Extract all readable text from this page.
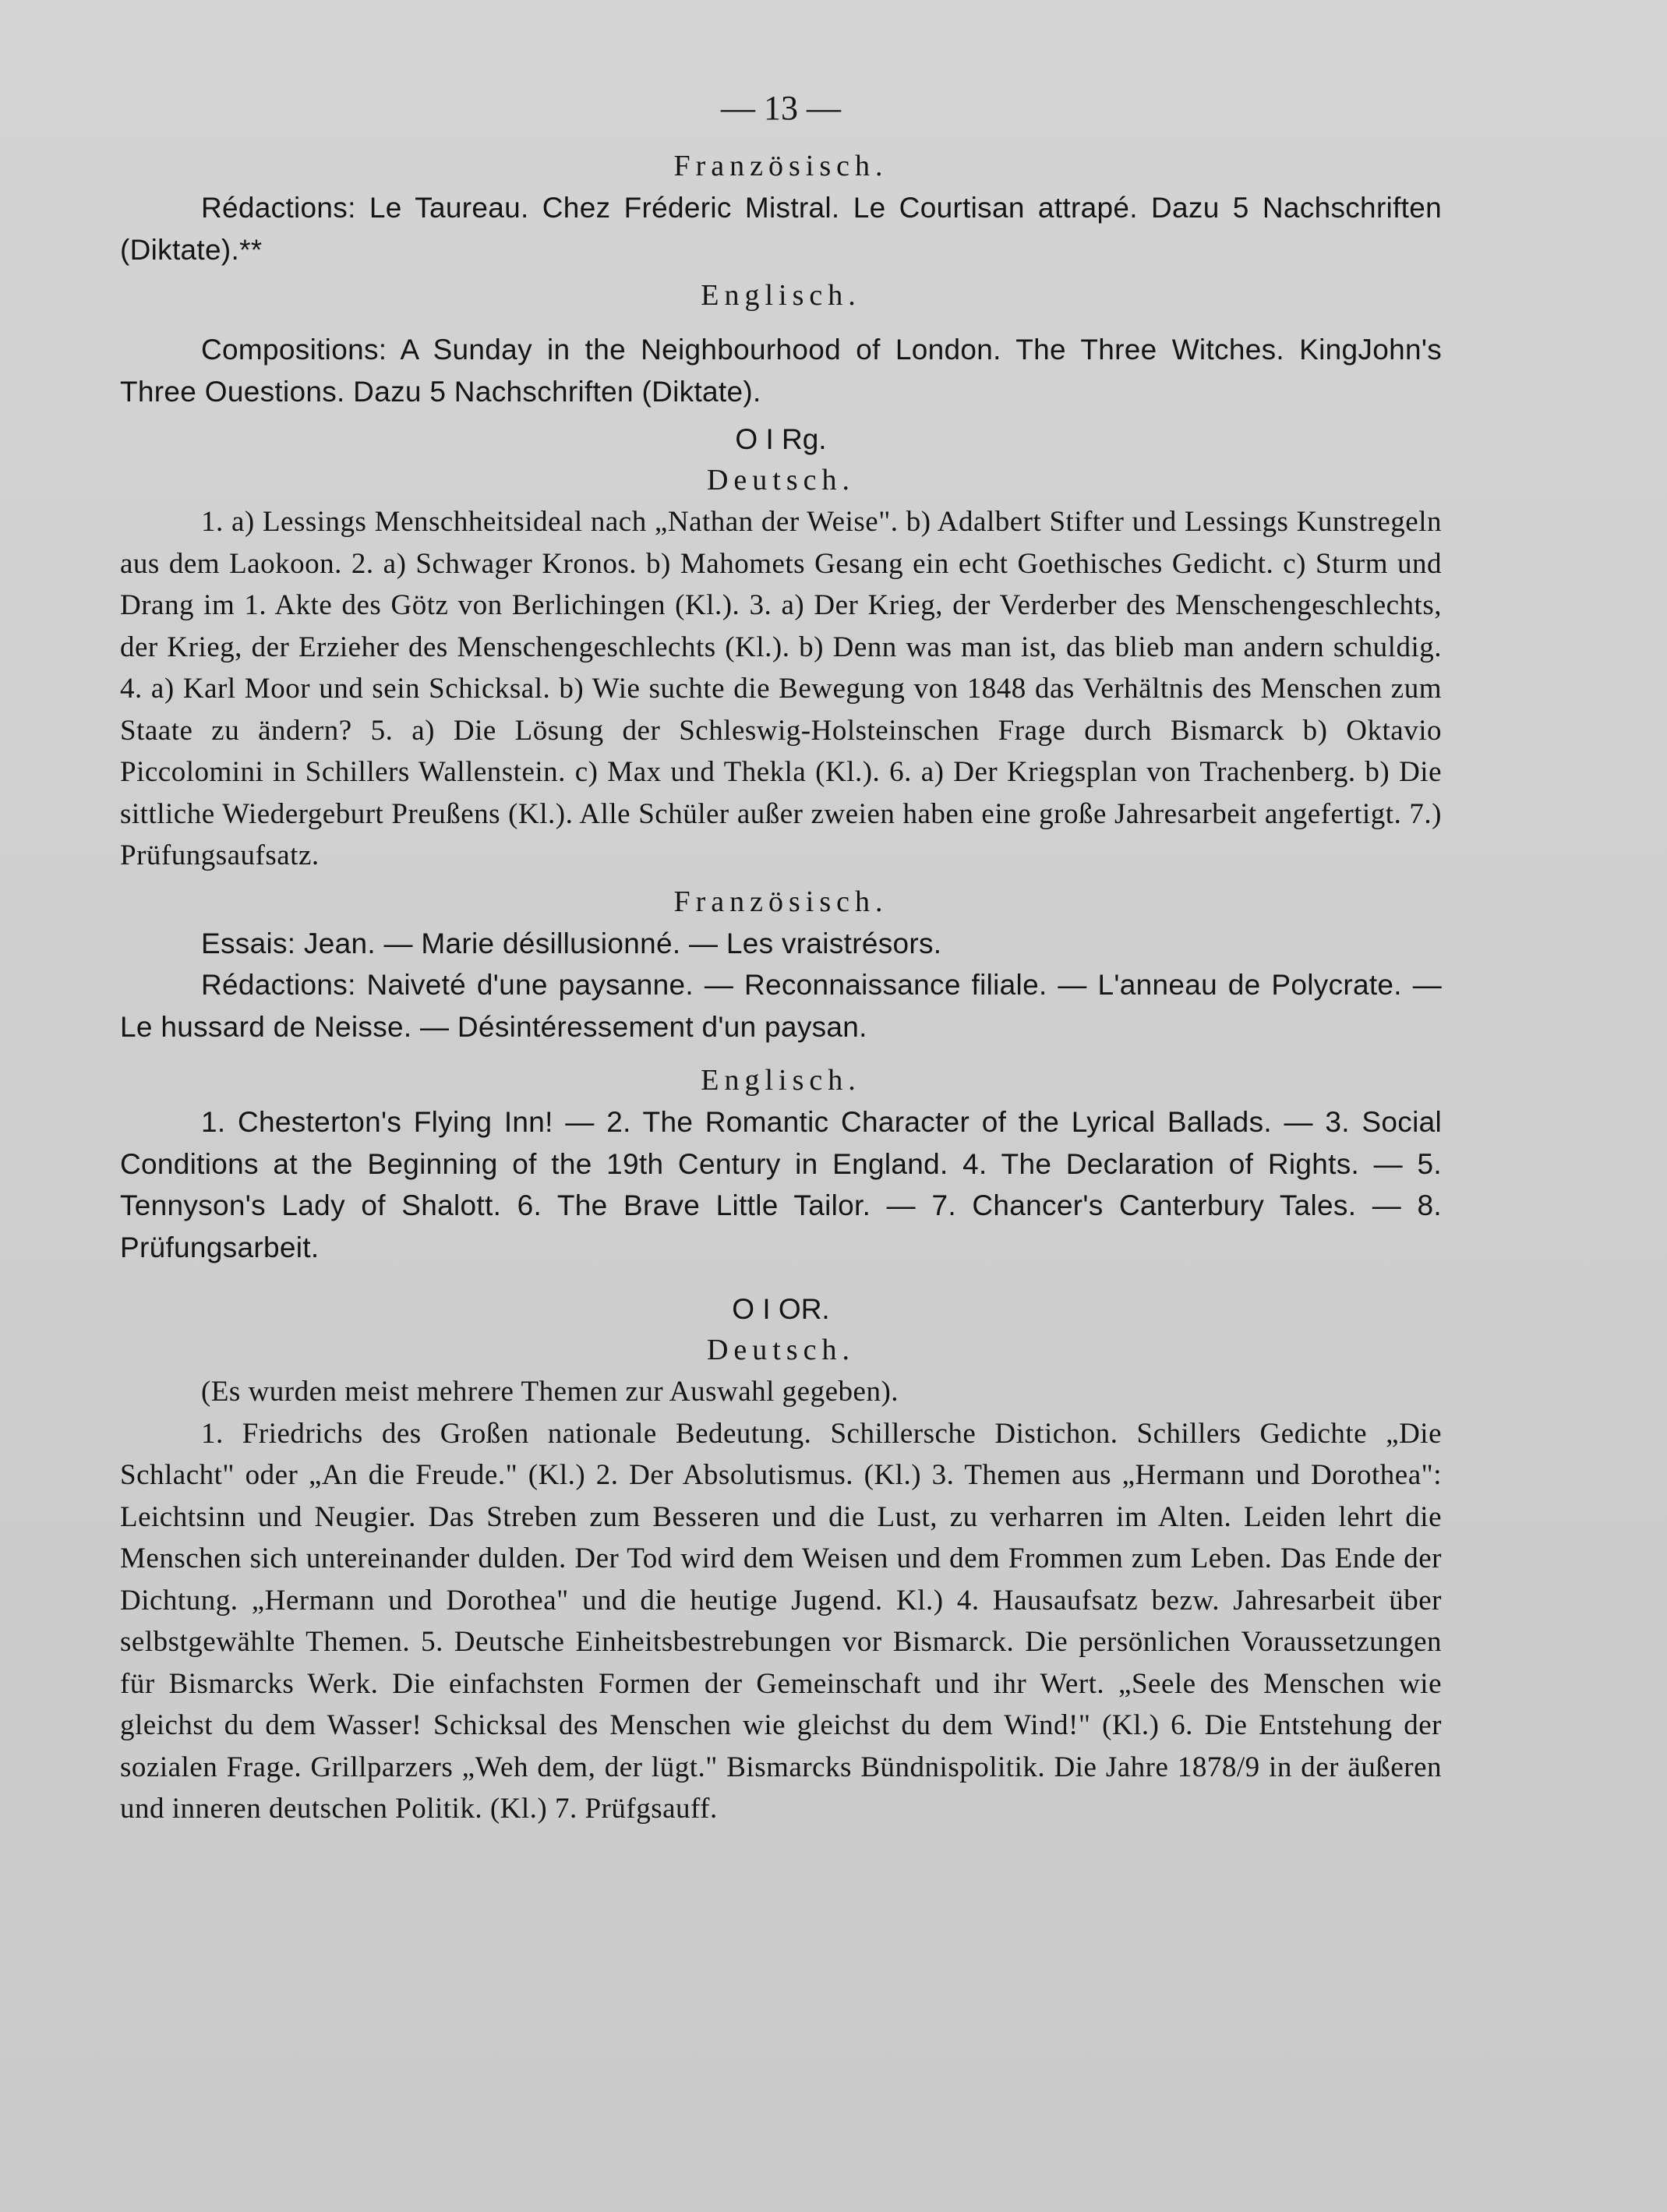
— 13 —
Französisch.

Rédactions: Le Taureau. Chez Fréderic Mistral. Le Courtisan attrapé. Dazu 5 Nachschriften (Diktate).**

Englisch.

Compositions: A Sunday in the Neighbourhood of London. The Three Witches. KingJohn's Three Ouestions. Dazu 5 Nachschriften (Diktate).

O I Rg.
Deutsch.

1. a) Lessings Menschheitsideal nach „Nathan der Weise". b) Adalbert Stifter und Lessings Kunstregeln aus dem Laokoon. 2. a) Schwager Kronos. b) Mahomets Gesang ein echt Goethisches Gedicht. c) Sturm und Drang im 1. Akte des Götz von Berlichingen (Kl.). 3. a) Der Krieg, der Verderber des Menschengeschlechts, der Krieg, der Erzieher des Menschengeschlechts (Kl.). b) Denn was man ist, das blieb man andern schuldig. 4. a) Karl Moor und sein Schicksal. b) Wie suchte die Bewegung von 1848 das Verhältnis des Menschen zum Staate zu ändern? 5. a) Die Lösung der Schleswig-Holsteinschen Frage durch Bismarck b) Oktavio Piccolomini in Schillers Wallenstein. c) Max und Thekla (Kl.). 6. a) Der Kriegsplan von Trachenberg. b) Die sittliche Wiedergeburt Preußens (Kl.). Alle Schüler außer zweien haben eine große Jahresarbeit angefertigt. 7.) Prüfungsaufsatz.

Französisch.

Essais: Jean. — Marie désillusionné. — Les vraistrésors.

Rédactions: Naiveté d'une paysanne. — Reconnaissance filiale. — L'anneau de Polycrate. — Le hussard de Neisse. — Désintéressement d'un paysan.

Englisch.

1. Chesterton's Flying Inn! — 2. The Romantic Character of the Lyrical Ballads. — 3. Social Conditions at the Beginning of the 19th Century in England. 4. The Declaration of Rights. — 5. Tennyson's Lady of Shalott. 6. The Brave Little Tailor. — 7. Chancer's Canterbury Tales. — 8. Prüfungsarbeit.

O I OR.
Deutsch.

(Es wurden meist mehrere Themen zur Auswahl gegeben).

1. Friedrichs des Großen nationale Bedeutung. Schillersche Distichon. Schillers Gedichte „Die Schlacht" oder „An die Freude." (Kl.) 2. Der Absolutismus. (Kl.) 3. Themen aus „Hermann und Dorothea": Leichtsinn und Neugier. Das Streben zum Besseren und die Lust, zu verharren im Alten. Leiden lehrt die Menschen sich untereinander dulden. Der Tod wird dem Weisen und dem Frommen zum Leben. Das Ende der Dichtung. „Hermann und Dorothea" und die heutige Jugend. Kl.) 4. Hausaufsatz bezw. Jahresarbeit über selbstgewählte Themen. 5. Deutsche Einheitsbestrebungen vor Bismarck. Die persönlichen Voraussetzungen für Bismarcks Werk. Die einfachsten Formen der Gemeinschaft und ihr Wert. „Seele des Menschen wie gleichst du dem Wasser! Schicksal des Menschen wie gleichst du dem Wind!" (Kl.) 6. Die Entstehung der sozialen Frage. Grillparzers „Weh dem, der lügt." Bismarcks Bündnispolitik. Die Jahre 1878/9 in der äußeren und inneren deutschen Politik. (Kl.) 7. Prüfgsauff.
